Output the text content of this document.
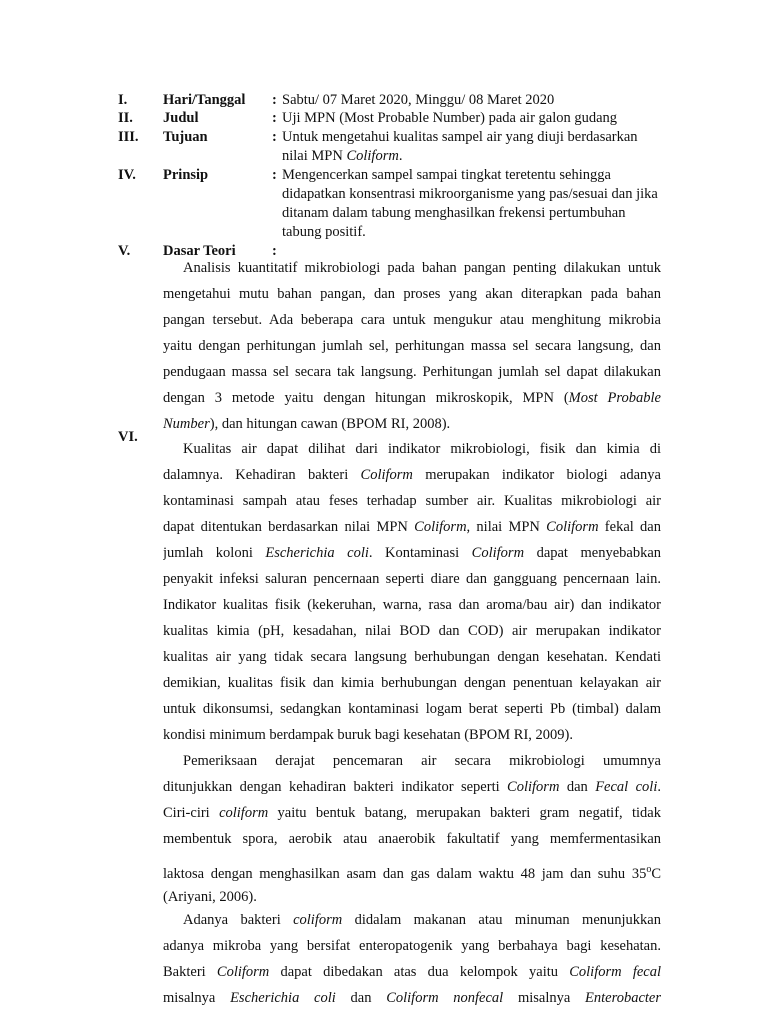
I. Hari/Tanggal : Sabtu/ 07 Maret 2020, Minggu/ 08 Maret 2020
II. Judul	: Uji MPN (Most Probable Number) pada air galon gudang
III. Tujuan	: Untuk mengetahui kualitas sampel air yang diuji berdasarkan
nilai MPN Coliform.
IV. Prinsip	: Mengencerkan sampel sampai tingkat teretentu sehingga
didapatkan konsentrasi mikroorganisme yang pas/sesuai dan jika
ditanam dalam tabung menghasilkan frekensi pertumbuhan
tabung positif.
V. Dasar Teori	:
VI.
Analisis kuantitatif mikrobiologi pada bahan pangan penting dilakukan untuk
mengetahui mutu bahan pangan, dan proses yang akan diterapkan pada bahan
pangan tersebut. Ada beberapa cara untuk mengukur atau menghitung mikrobia
yaitu dengan perhitungan jumlah sel, perhitungan massa sel secara langsung, dan
pendugaan massa sel secara tak langsung. Perhitungan jumlah sel dapat dilakukan
dengan 3 metode yaitu dengan hitungan mikroskopik, MPN (Most Probable
Number), dan hitungan cawan (BPOM RI, 2008).
Kualitas air dapat dilihat dari indikator mikrobiologi, fisik dan kimia di
dalamnya. Kehadiran bakteri Coliform merupakan indikator biologi adanya
kontaminasi sampah atau feses terhadap sumber air. Kualitas mikrobiologi air
dapat ditentukan berdasarkan nilai MPN Coliform, nilai MPN Coliform fekal dan
jumlah koloni Escherichia coli. Kontaminasi Coliform dapat menyebabkan
penyakit infeksi saluran pencernaan seperti diare dan gangguang pencernaan lain.
Indikator kualitas fisik (kekeruhan, warna, rasa dan aroma/bau air) dan indikator
kualitas kimia (pH, kesadahan, nilai BOD dan COD) air merupakan indikator
kualitas air yang tidak secara langsung berhubungan dengan kesehatan. Kendati
demikian, kualitas fisik dan kimia berhubungan dengan penentuan kelayakan air
untuk dikonsumsi, sedangkan kontaminasi logam berat seperti Pb (timbal) dalam
kondisi minimum berdampak buruk bagi kesehatan (BPOM RI, 2009).
Pemeriksaan derajat pencemaran air secara mikrobiologi umumnya
ditunjukkan dengan kehadiran bakteri indikator seperti Coliform dan Fecal coli.
Ciri-ciri coliform yaitu bentuk batang, merupakan bakteri gram negatif, tidak
membentuk spora, aerobik atau anaerobik fakultatif yang memfermentasikan
laktosa dengan menghasilkan asam dan gas dalam waktu 48 jam dan suhu 35$^o$C
(Ariyani, 2006).
Adanya bakteri coliform didalam makanan atau minuman menunjukkan
adanya mikroba yang bersifat enteropatogenik yang berbahaya bagi kesehatan.
Bakteri Coliform dapat dibedakan atas dua kelompok yaitu Coliform fecal
misalnya Escherichia coli dan Coliform nonfecal misalnya Enterobacter
